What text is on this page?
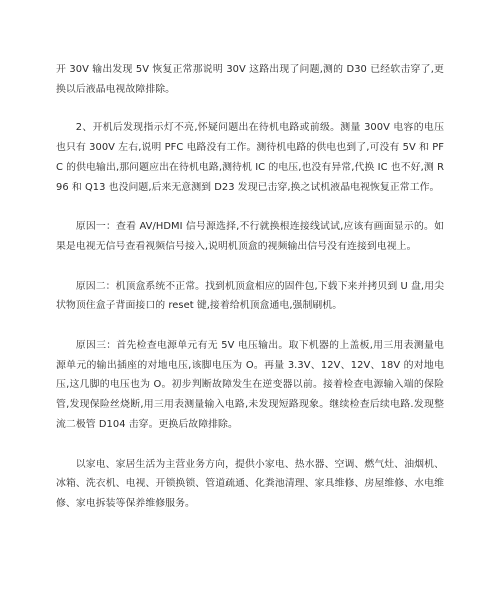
开 30V 输出发现 5V 恢复正常那说明 30V 这路出现了问题,测的 D30 已经软击穿了,更换以后液晶电视故障排除。

2、开机后发现指示灯不亮,怀疑问题出在待机电路或前级。测量 300V 电容的电压也只有 300V 左右,说明 PFC 电路没有工作。测待机电路的供电也到了,可没有 5V 和 PFC 的供电输出,那问题应出在待机电路,测待机 IC 的电压,也没有异常,代换 IC 也不好,测 R96 和 Q13 也没问题,后来无意测到 D23 发现已击穿,换之试机液晶电视恢复正常工作。

原因一：查看 AV/HDMI 信号源选择,不行就换根连接线试试,应该有画面显示的。如果是电视无信号查看视频信号接入,说明机顶盒的视频输出信号没有连接到电视上。

原因二：机顶盒系统不正常。找到机顶盒相应的固件包,下载下来并拷贝到 U 盘,用尖状物顶住盒子背面接口的 reset 键,接着给机顶盒通电,强制刷机。

原因三：首先检查电源单元有无 5V 电压输出。取下机器的上盖板,用三用表测量电源单元的输出插座的对地电压,该脚电压为 O。再量 3.3V、12V、12V、18V 的对地电压,这几脚的电压也为 O。初步判断故障发生在逆变器以前。接着检查电源输入端的保险管,发现保险丝烧断,用三用表测量输入电路,未发现短路现象。继续检查后续电路.发现整流二极管 D104 击穿。更换后故障排除。

以家电、家居生活为主营业务方向，提供小家电、热水器、空调、燃气灶、油烟机、冰箱、洗衣机、电视、开锁换锁、管道疏通、化粪池清理、家具维修、房屋维修、水电维修、家电拆装等保养维修服务。
